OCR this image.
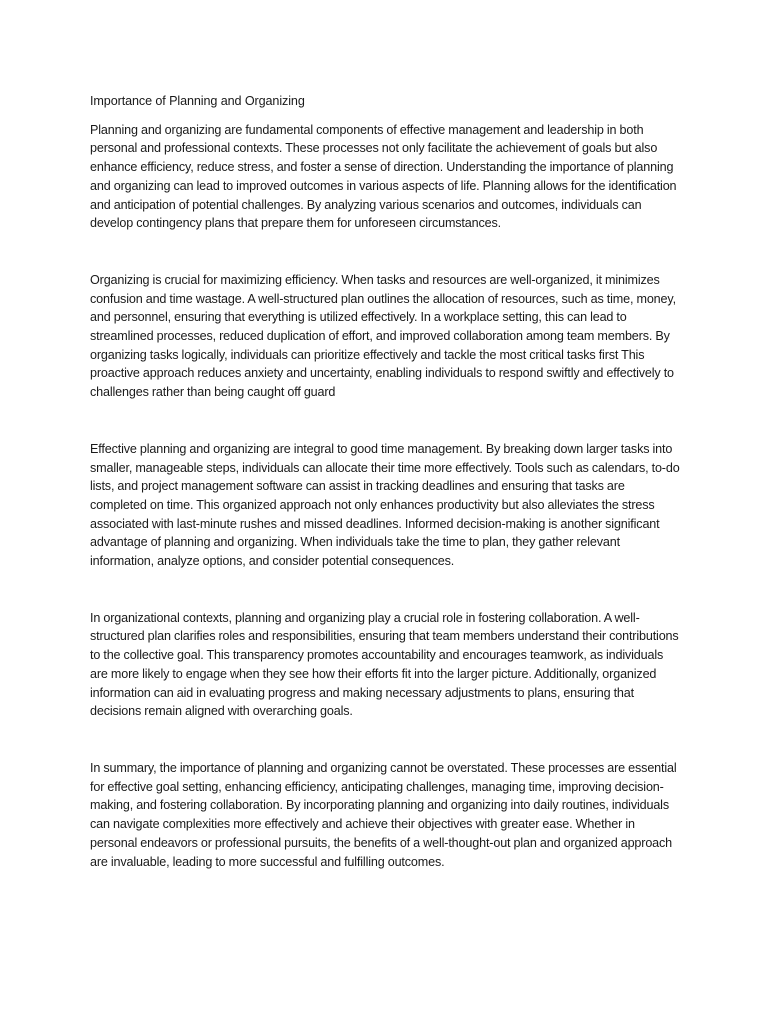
Importance of Planning and Organizing

Planning and organizing are fundamental components of effective management and leadership in both personal and professional contexts. These processes not only facilitate the achievement of goals but also enhance efficiency, reduce stress, and foster a sense of direction. Understanding the importance of planning and organizing can lead to improved outcomes in various aspects of life. Planning allows for the identification and anticipation of potential challenges. By analyzing various scenarios and outcomes, individuals can develop contingency plans that prepare them for unforeseen circumstances.

Organizing is crucial for maximizing efficiency. When tasks and resources are well-organized, it minimizes confusion and time wastage. A well-structured plan outlines the allocation of resources, such as time, money, and personnel, ensuring that everything is utilized effectively. In a workplace setting, this can lead to streamlined processes, reduced duplication of effort, and improved collaboration among team members. By organizing tasks logically, individuals can prioritize effectively and tackle the most critical tasks first This proactive approach reduces anxiety and uncertainty, enabling individuals to respond swiftly and effectively to challenges rather than being caught off guard

Effective planning and organizing are integral to good time management. By breaking down larger tasks into smaller, manageable steps, individuals can allocate their time more effectively. Tools such as calendars, to-do lists, and project management software can assist in tracking deadlines and ensuring that tasks are completed on time. This organized approach not only enhances productivity but also alleviates the stress associated with last-minute rushes and missed deadlines. Informed decision-making is another significant advantage of planning and organizing. When individuals take the time to plan, they gather relevant information, analyze options, and consider potential consequences.

In organizational contexts, planning and organizing play a crucial role in fostering collaboration. A well-structured plan clarifies roles and responsibilities, ensuring that team members understand their contributions to the collective goal. This transparency promotes accountability and encourages teamwork, as individuals are more likely to engage when they see how their efforts fit into the larger picture. Additionally, organized information can aid in evaluating progress and making necessary adjustments to plans, ensuring that decisions remain aligned with overarching goals.

In summary, the importance of planning and organizing cannot be overstated. These processes are essential for effective goal setting, enhancing efficiency, anticipating challenges, managing time, improving decision-making, and fostering collaboration. By incorporating planning and organizing into daily routines, individuals can navigate complexities more effectively and achieve their objectives with greater ease. Whether in personal endeavors or professional pursuits, the benefits of a well-thought-out plan and organized approach are invaluable, leading to more successful and fulfilling outcomes.
